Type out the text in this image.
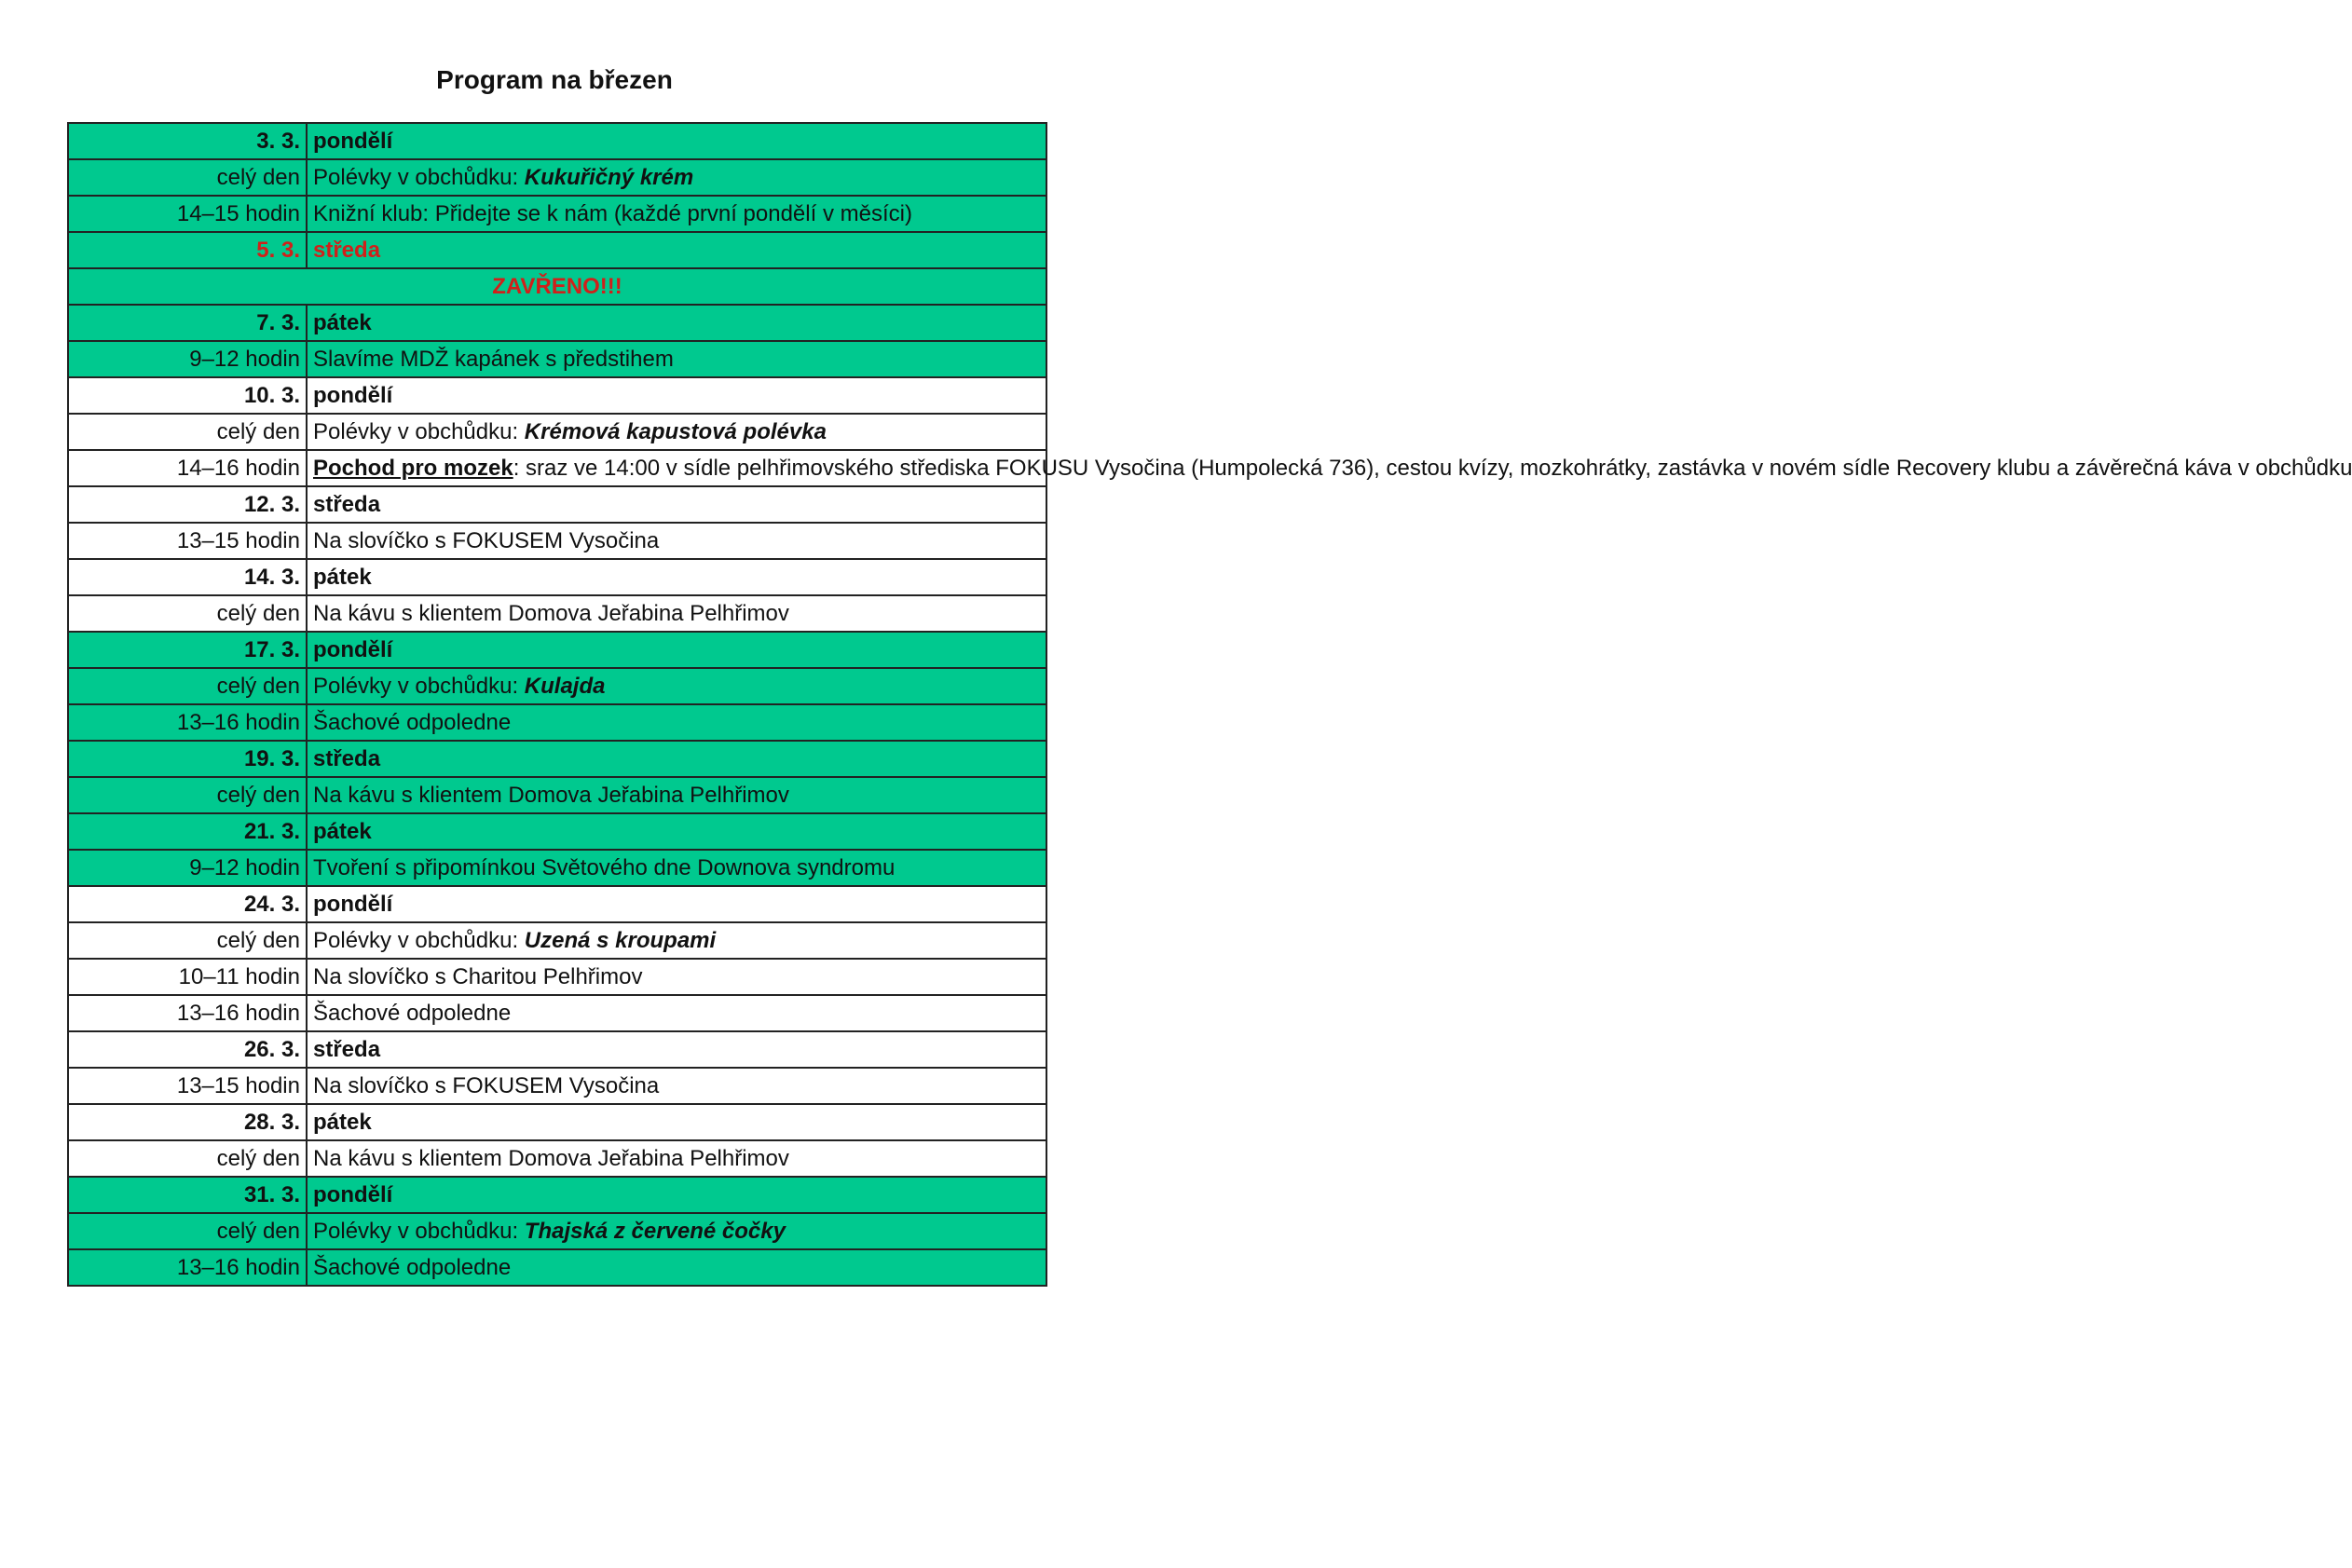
Program na březen
3. 3.	pondělí
celý den	Polévky v obchůdku: Kukuřičný krém
14–15 hodin	Knižní klub: Přidejte se k nám (každé první pondělí v měsíci)
5. 3.	středa
ZAVŘENO!!!	
7. 3.	pátek
9–12 hodin	Slavíme MDŽ kapánek s předstihem
10. 3.	pondělí
celý den	Polévky v obchůdku: Krémová kapustová polévka
14–16 hodin	Pochod pro mozek: sraz ve 14:00 v sídle pelhřimovského střediska FOKUSU Vysočina (Humpolecká 736), cestou kvízy, mozkohrátky, zastávka v novém sídle Recovery klubu a závěrečná káva v obchůdku
12. 3.	středa
13–15 hodin	Na slovíčko s FOKUSEM Vysočina
14. 3.	pátek
celý den	Na kávu s klientem Domova Jeřabina Pelhřimov
17. 3.	pondělí
celý den	Polévky v obchůdku: Kulajda
13–16 hodin	Šachové odpoledne
19. 3.	středa
celý den	Na kávu s klientem Domova Jeřabina Pelhřimov
21. 3.	pátek
9–12 hodin	Tvoření s připomínkou Světového dne Downova syndromu
24. 3.	pondělí
celý den	Polévky v obchůdku: Uzená s kroupami
10–11 hodin	Na slovíčko s Charitou Pelhřimov
13–16 hodin	Šachové odpoledne
26. 3.	středa
13–15 hodin	Na slovíčko s FOKUSEM Vysočina
28. 3.	pátek
celý den	Na kávu s klientem Domova Jeřabina Pelhřimov
31. 3.	pondělí
celý den	Polévky v obchůdku: Thajská z červené čočky
13–16 hodin	Šachové odpoledne
